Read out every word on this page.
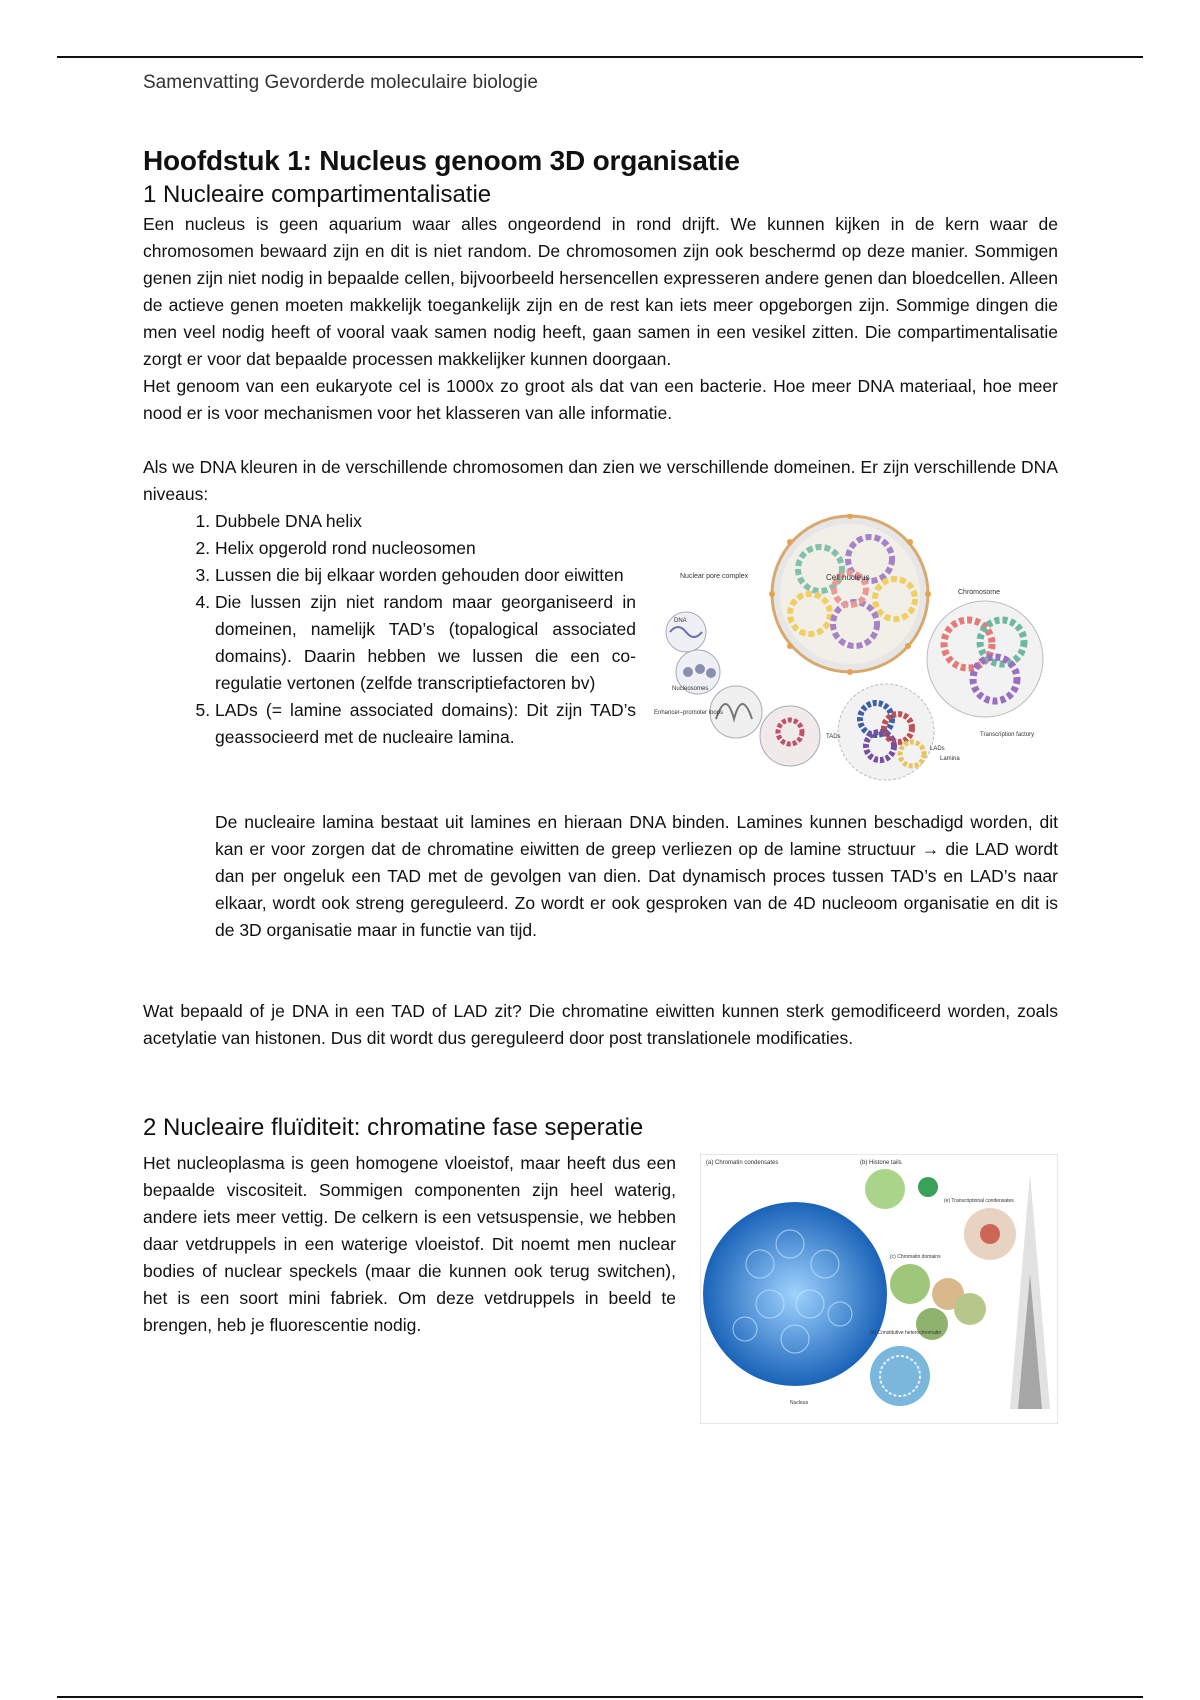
Samenvatting Gevorderde moleculaire biologie
Hoofdstuk 1: Nucleus genoom 3D organisatie
1 Nucleaire compartimentalisatie

Een nucleus is geen aquarium waar alles ongeordend in rond drijft. We kunnen kijken in de kern waar de chromosomen bewaard zijn en dit is niet random. De chromosomen zijn ook beschermd op deze manier. Sommigen genen zijn niet nodig in bepaalde cellen, bijvoorbeeld hersencellen expresseren andere genen dan bloedcellen. Alleen de actieve genen moeten makkelijk toegankelijk zijn en de rest kan iets meer opgeborgen zijn. Sommige dingen die men veel nodig heeft of vooral vaak samen nodig heeft, gaan samen in een vesikel zitten. Die compartimentalisatie zorgt er voor dat bepaalde processen makkelijker kunnen doorgaan.

Het genoom van een eukaryote cel is 1000x zo groot als dat van een bacterie. Hoe meer DNA materiaal, hoe meer nood er is voor mechanismen voor het klasseren van alle informatie.

Als we DNA kleuren in de verschillende chromosomen dan zien we verschillende domeinen. Er zijn verschillende DNA niveaus:

Cell nucleus
Nuclear pore complex
Chromosome
DNA
Nucleosomes
Enhancer–promoter loops
TADs
LADs
Lamina
Transcription factory
1. Dubbele DNA helix
2. Helix opgerold rond nucleosomen
3. Lussen die bij elkaar worden gehouden door eiwitten
4. Die lussen zijn niet random maar georganiseerd in domeinen, namelijk TAD’s (topalogical associated domains). Daarin hebben we lussen die een co-regulatie vertonen (zelfde transcriptiefactoren bv)
5. LADs (= lamine associated domains): Dit zijn TAD’s geassocieerd met de nucleaire lamina.
De nucleaire lamina bestaat uit lamines en hieraan DNA binden. Lamines kunnen beschadigd worden, dit kan er voor zorgen dat de chromatine eiwitten de greep verliezen op de lamine structuur → die LAD wordt dan per ongeluk een TAD met de gevolgen van dien. Dat dynamisch proces tussen TAD’s en LAD’s naar elkaar, wordt ook streng gereguleerd. Zo wordt er ook gesproken van de 4D nucleoom organisatie en dit is de 3D organisatie maar in functie van tijd.

Wat bepaald of je DNA in een TAD of LAD zit? Die chromatine eiwitten kunnen sterk gemodificeerd worden, zoals acetylatie van histonen. Dus dit wordt dus gereguleerd door post translationele modificaties.

2 Nucleaire fluïditeit: chromatine fase seperatie
(a) Chromatin condensates	(b) Histone tails
(e) Transcriptional condensates
(c) Chromatin domains
(d) Constitutive heterochromatin
Nucleus

Het nucleoplasma is geen homogene vloeistof, maar heeft dus een bepaalde viscositeit. Sommigen componenten zijn heel waterig, andere iets meer vettig. De celkern is een vetsuspensie, we hebben daar vetdruppels in een waterige vloeistof. Dit noemt men nuclear bodies of nuclear speckels (maar die kunnen ook terug switchen), het is een soort mini fabriek. Om deze vetdruppels in beeld te brengen, heb je fluorescentie nodig.
